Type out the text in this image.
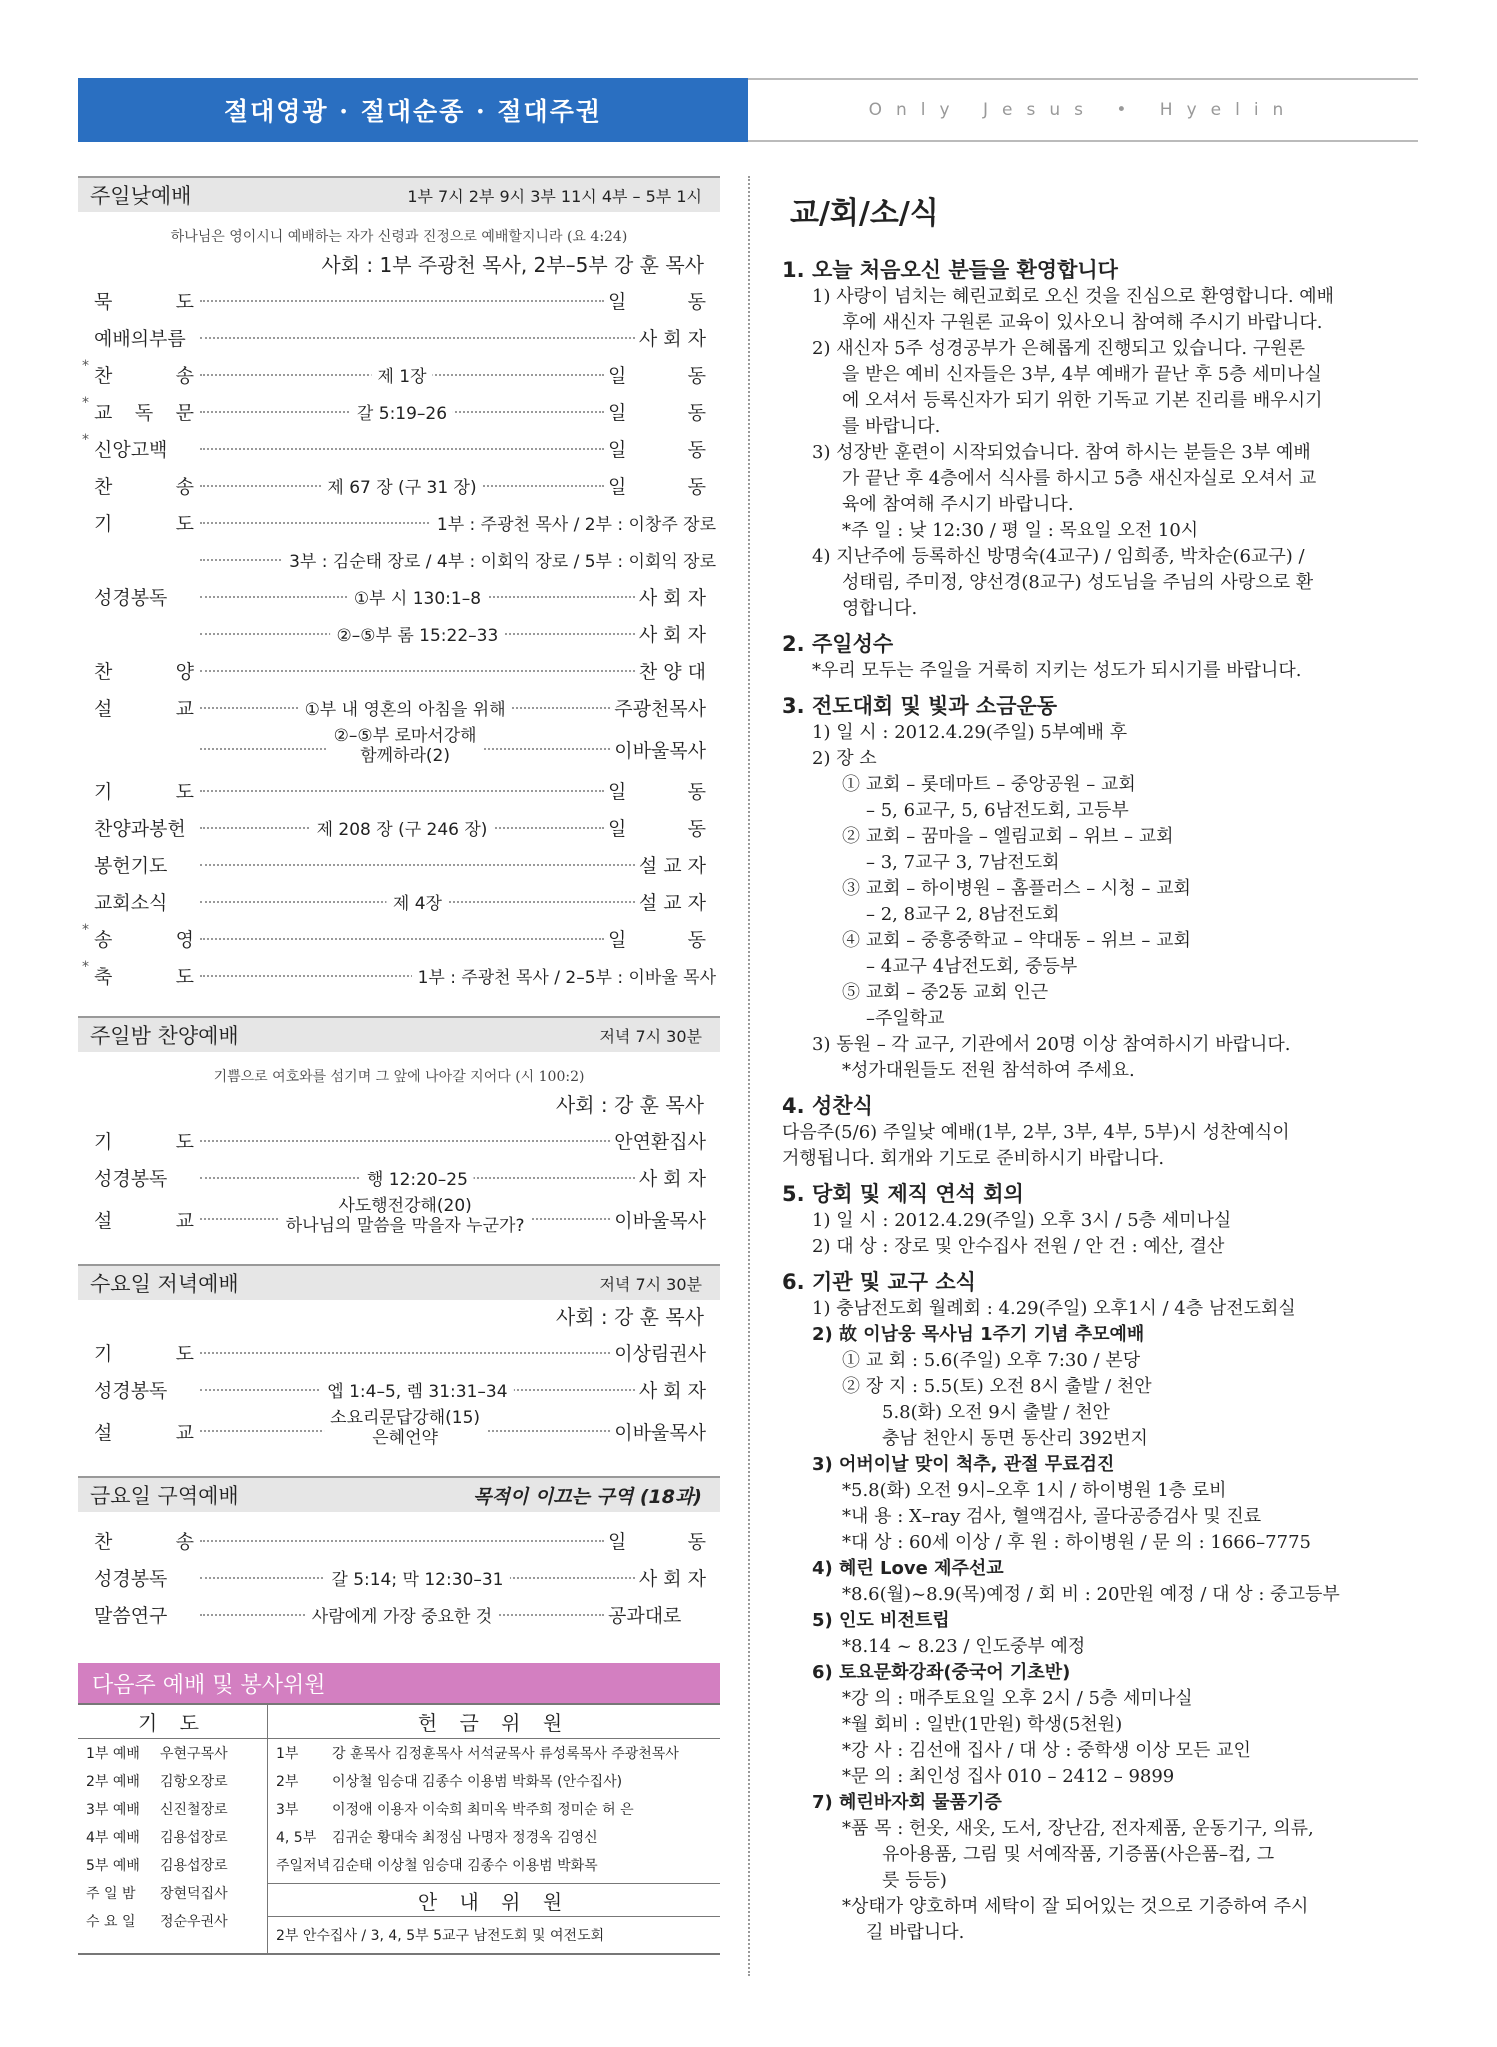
절대영광 · 절대순종 · 절대주권	Only Jesus • Hyelin
주일낮예배	1부 7시 2부 9시 3부 11시 4부 – 5부 1시
하나님은 영이시니 예배하는 자가 신령과 진정으로 예배할지니라 (요 4:24)
사회 : 1부 주광천 목사, 2부–5부 강 훈 목사
묵 도	일 동
예배의부름	사 회 자
* 찬 송	제 1장	일 동
* 교 독 문	갈 5:19–26	일 동
* 신앙고백	일 동
찬 송	제 67 장 (구 31 장)	일 동
기 도	1부 : 주광천 목사 / 2부 : 이창주 장로
3부 : 김순태 장로 / 4부 : 이회익 장로 / 5부 : 이회익 장로
성경봉독	①부 시 130:1–8	사 회 자
②–⑤부 롬 15:22–33	사 회 자
찬 양	찬 양 대
설 교	①부 내 영혼의 아침을 위해	주광천목사
②–⑤부 로마서강해
함께하라(2)	이바울목사
기 도	일 동
찬양과봉헌	제 208 장 (구 246 장)	일 동
봉헌기도	설 교 자
교회소식	제 4장	설 교 자
* 송 영	일 동
* 축 도	1부 : 주광천 목사 / 2–5부 : 이바울 목사
주일밤 찬양예배	저녁 7시 30분
기쁨으로 여호와를 섬기며 그 앞에 나아갈 지어다 (시 100:2)
사회 : 강 훈 목사
기 도	안연환집사
성경봉독	행 12:20–25	사 회 자
설 교
사도행전강해(20)
하나님의 말씀을 막을자 누군가?	이바울목사
수요일 저녁예배	저녁 7시 30분
사회 : 강 훈 목사
기 도	이상림권사
성경봉독	엡 1:4–5, 렘 31:31–34	사 회 자
설 교
소요리문답강해(15)
은혜언약	이바울목사
금요일 구역예배	목적이 이끄는 구역 (18과)
찬 송	일 동
성경봉독	갈 5:14; 막 12:30–31	사 회 자
말씀연구	사람에게 가장 중요한 것	공과대로
다음주 예배 및 봉사위원
기 도
1부 예배	우현구목사
2부 예배	김항오장로
3부 예배	신진철장로
4부 예배	김용섭장로
5부 예배	김용섭장로
주 일 밤	장현덕집사
수 요 일	정순우권사
헌 금 위 원
1부	강 훈목사 김정훈목사 서석균목사 류성록목사 주광천목사
2부	이상철 임승대 김종수 이용범 박화목 (안수집사)
3부	이정애 이용자 이숙희 최미옥 박주희 정미순 허 은
4, 5부	김귀순 황대숙 최정심 나명자 정경옥 김영신
주일저녁 김순태 이상철 임승대 김종수 이용범 박화목
안 내 위 원
2부 안수집사 / 3, 4, 5부 5교구 남전도회 및 여전도회
교/회/소/식
1. 오늘 처음오신 분들을 환영합니다
1) 사랑이 넘치는 혜린교회로 오신 것을 진심으로 환영합니다. 예배
후에 새신자 구원론 교육이 있사오니 참여해 주시기 바랍니다.
2) 새신자 5주 성경공부가 은혜롭게 진행되고 있습니다. 구원론
을 받은 예비 신자들은 3부, 4부 예배가 끝난 후 5층 세미나실
에 오셔서 등록신자가 되기 위한 기독교 기본 진리를 배우시기
를 바랍니다.
3) 성장반 훈련이 시작되었습니다. 참여 하시는 분들은 3부 예배
가 끝난 후 4층에서 식사를 하시고 5층 새신자실로 오셔서 교
육에 참여해 주시기 바랍니다.
*주 일 : 낮 12:30 / 평 일 : 목요일 오전 10시
4) 지난주에 등록하신 방명숙(4교구) / 임희종, 박차순(6교구) /
성태림, 주미정, 양선경(8교구) 성도님을 주님의 사랑으로 환
영합니다.
2. 주일성수
*우리 모두는 주일을 거룩히 지키는 성도가 되시기를 바랍니다.
3. 전도대회 및 빛과 소금운동
1) 일 시 : 2012.4.29(주일) 5부예배 후
2) 장 소
① 교회 – 롯데마트 – 중앙공원 – 교회
– 5, 6교구, 5, 6남전도회, 고등부
② 교회 – 꿈마을 – 엘림교회 – 위브 – 교회
– 3, 7교구 3, 7남전도회
③ 교회 – 하이병원 – 홈플러스 – 시청 – 교회
– 2, 8교구 2, 8남전도회
④ 교회 – 중흥중학교 – 약대동 – 위브 – 교회
– 4교구 4남전도회, 중등부
⑤ 교회 – 중2동 교회 인근
–주일학교
3) 동원 – 각 교구, 기관에서 20명 이상 참여하시기 바랍니다.
*성가대원들도 전원 참석하여 주세요.
4. 성찬식
다음주(5/6) 주일낮 예배(1부, 2부, 3부, 4부, 5부)시 성찬예식이
거행됩니다. 회개와 기도로 준비하시기 바랍니다.
5. 당회 및 제직 연석 회의
1) 일 시 : 2012.4.29(주일) 오후 3시 / 5층 세미나실
2) 대 상 : 장로 및 안수집사 전원 / 안 건 : 예산, 결산
6. 기관 및 교구 소식
1) 충남전도회 월례회 : 4.29(주일) 오후1시 / 4층 남전도회실
2) 故 이남웅 목사님 1주기 기념 추모예배
① 교 회 : 5.6(주일) 오후 7:30 / 본당
② 장 지 : 5.5(토) 오전 8시 출발 / 천안
5.8(화) 오전 9시 출발 / 천안
충남 천안시 동면 동산리 392번지
3) 어버이날 맞이 척추, 관절 무료검진
*5.8(화) 오전 9시–오후 1시 / 하이병원 1층 로비
*내 용 : X–ray 검사, 혈액검사, 골다공증검사 및 진료
*대 상 : 60세 이상 / 후 원 : 하이병원 / 문 의 : 1666–7775
4) 혜린 Love 제주선교
*8.6(월)~8.9(목)예정 / 회 비 : 20만원 예정 / 대 상 : 중고등부
5) 인도 비전트립
*8.14 ~ 8.23 / 인도중부 예정
6) 토요문화강좌(중국어 기초반)
*강 의 : 매주토요일 오후 2시 / 5층 세미나실
*월 회비 : 일반(1만원) 학생(5천원)
*강 사 : 김선애 집사 / 대 상 : 중학생 이상 모든 교인
*문 의 : 최인성 집사 010 – 2412 – 9899
7) 혜린바자회 물품기증
*품 목 : 헌옷, 새옷, 도서, 장난감, 전자제품, 운동기구, 의류,
유아용품, 그림 및 서예작품, 기증품(사은품–컵, 그
릇 등등)
*상태가 양호하며 세탁이 잘 되어있는 것으로 기증하여 주시
길 바랍니다.
